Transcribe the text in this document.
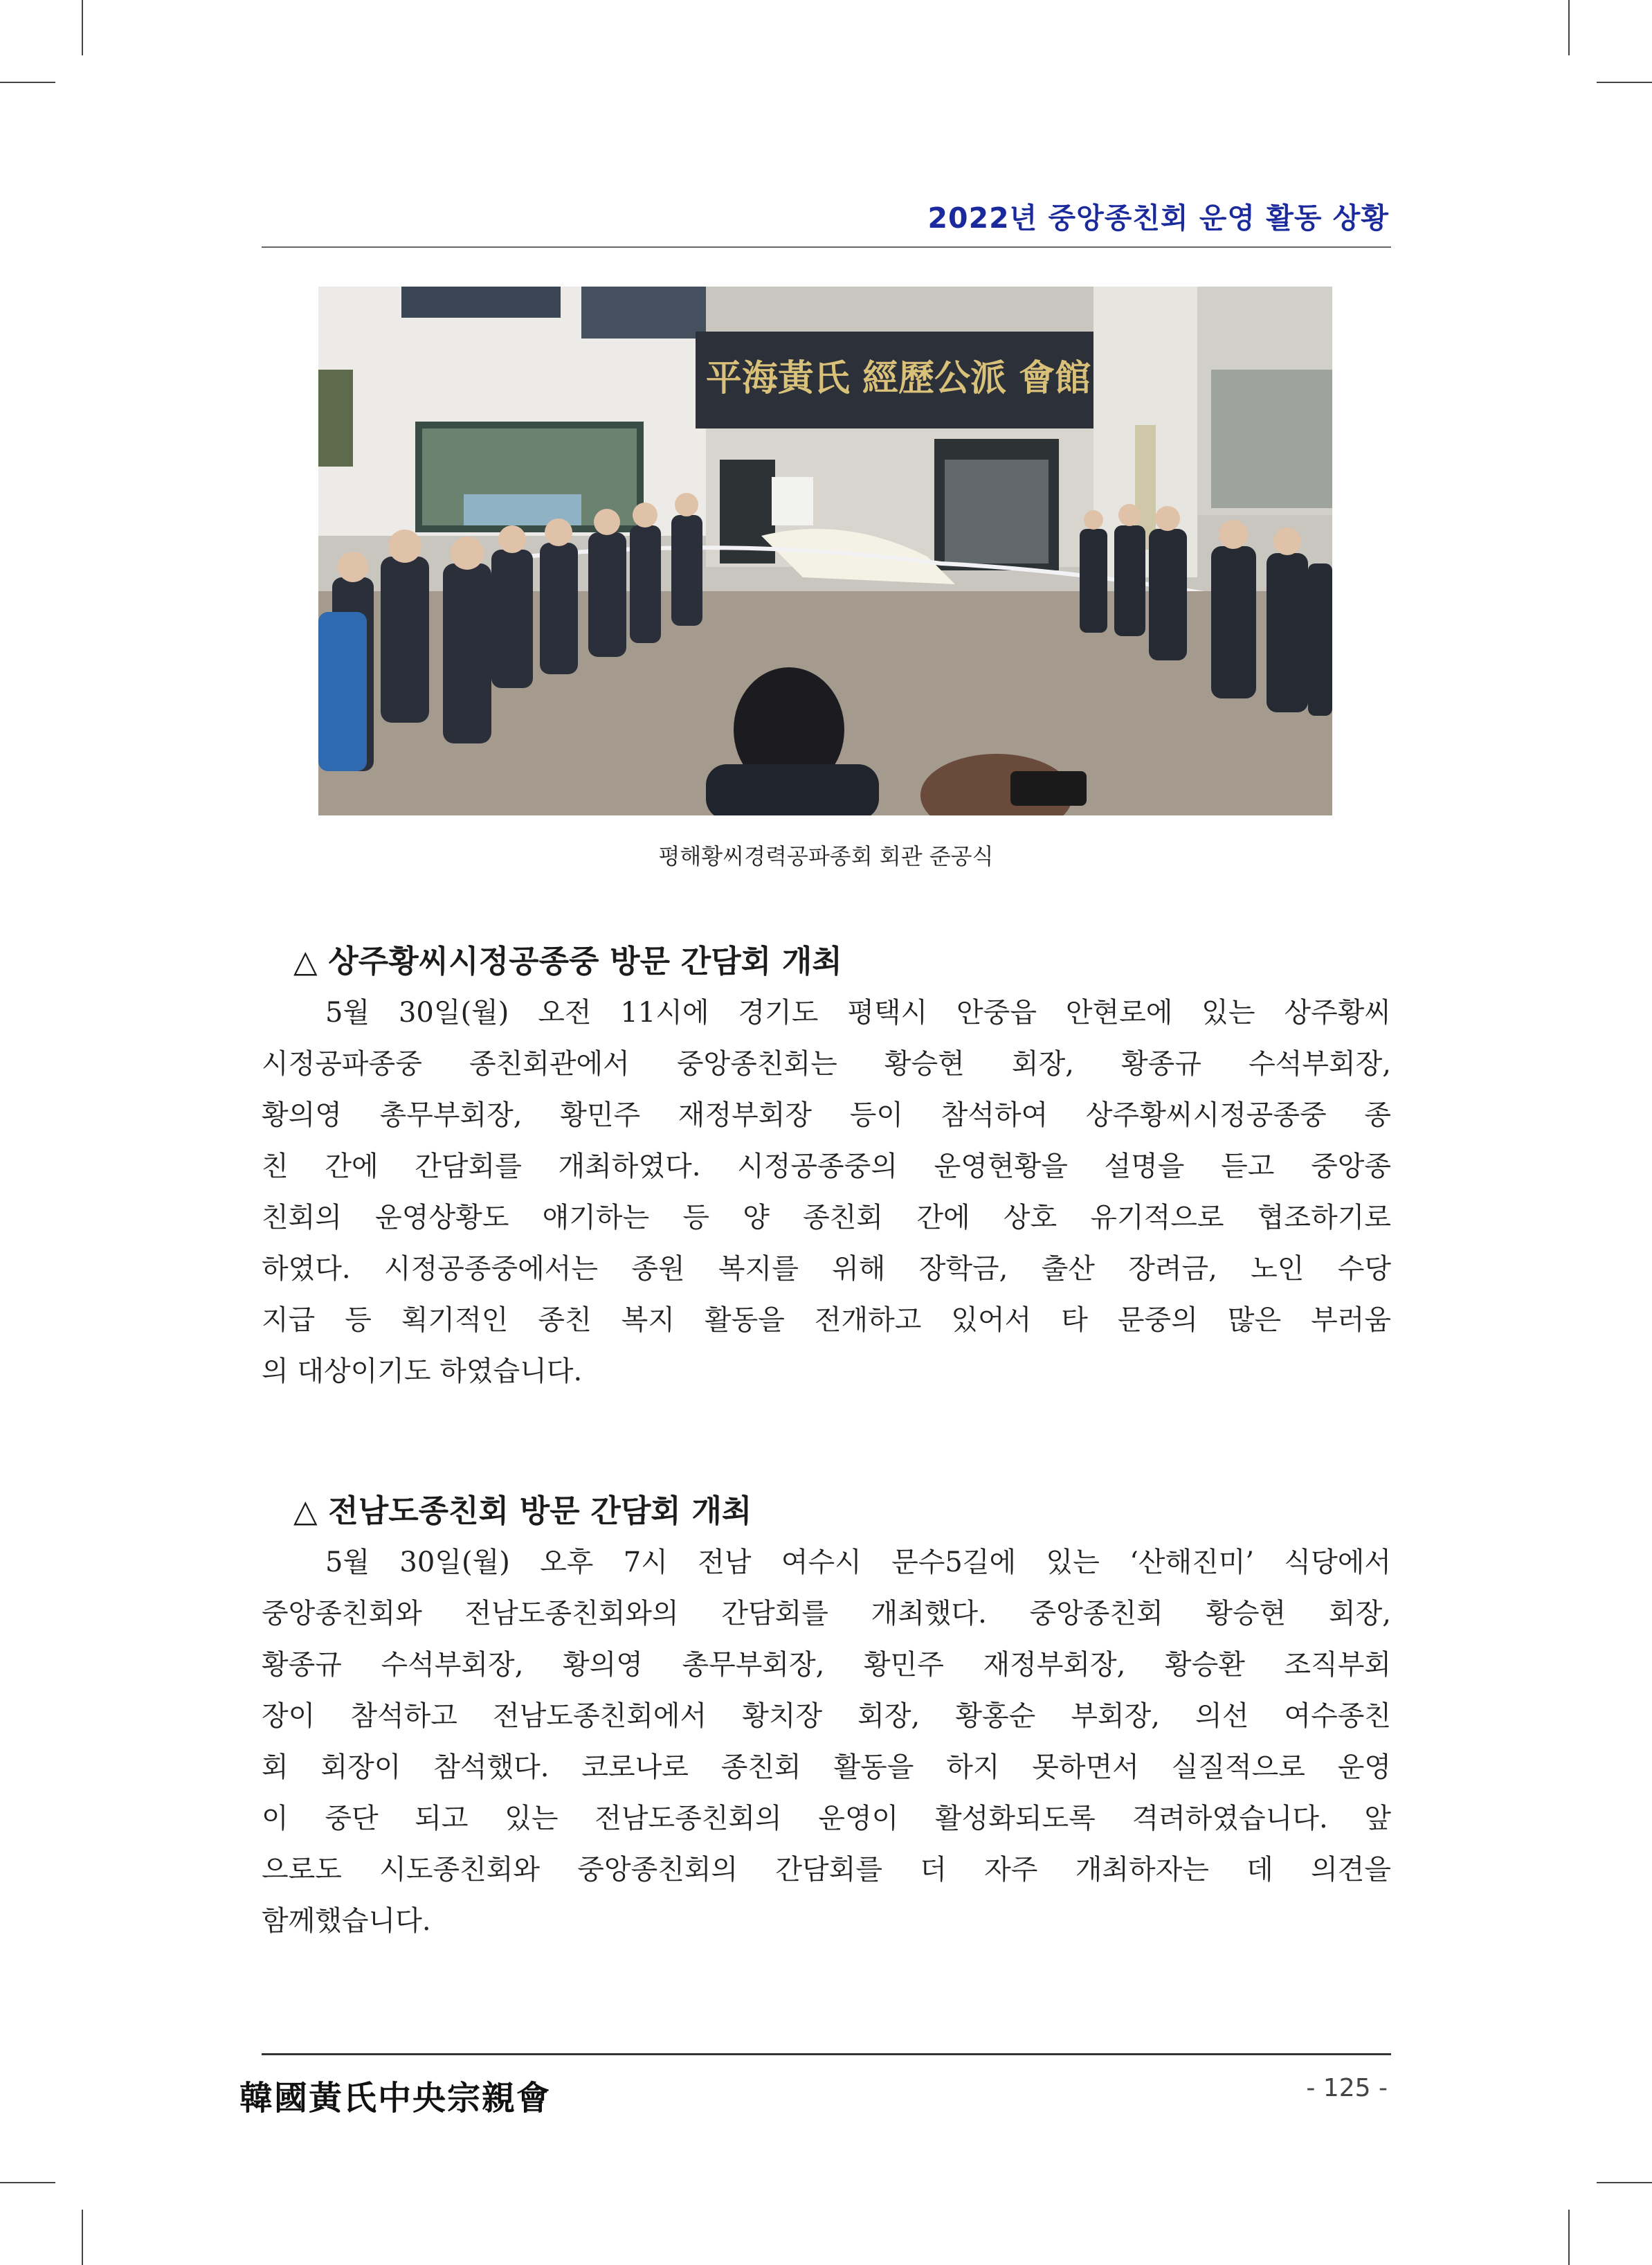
2022년 중앙종친회 운영 활동 상황
平海黃氏 經歷公派 會館
평해황씨경력공파종회 회관 준공식
△ 상주황씨시정공종중 방문 간담회 개최
5월 30일(월) 오전 11시에 경기도 평택시 안중읍 안현로에 있는 상주황씨
시정공파종중 종친회관에서 중앙종친회는 황승현 회장, 황종규 수석부회장,
황의영 총무부회장, 황민주 재정부회장 등이 참석하여 상주황씨시정공종중 종
친 간에 간담회를 개최하였다. 시정공종중의 운영현황을 설명을 듣고 중앙종
친회의 운영상황도 얘기하는 등 양 종친회 간에 상호 유기적으로 협조하기로
하였다. 시정공종중에서는 종원 복지를 위해 장학금, 출산 장려금, 노인 수당
지급 등 획기적인 종친 복지 활동을 전개하고 있어서 타 문중의 많은 부러움
의 대상이기도 하였습니다.
△ 전남도종친회 방문 간담회 개최
5월 30일(월) 오후 7시 전남 여수시 문수5길에 있는 ‘산해진미’ 식당에서
중앙종친회와 전남도종친회와의 간담회를 개최했다. 중앙종친회 황승현 회장,
황종규 수석부회장, 황의영 총무부회장, 황민주 재정부회장, 황승환 조직부회
장이 참석하고 전남도종친회에서 황치장 회장, 황홍순 부회장, 의선 여수종친
회 회장이 참석했다. 코로나로 종친회 활동을 하지 못하면서 실질적으로 운영
이 중단 되고 있는 전남도종친회의 운영이 활성화되도록 격려하였습니다. 앞
으로도 시도종친회와 중앙종친회의 간담회를 더 자주 개최하자는 데 의견을
함께했습니다.
韓國黃氏中央宗親會	- 125 -
